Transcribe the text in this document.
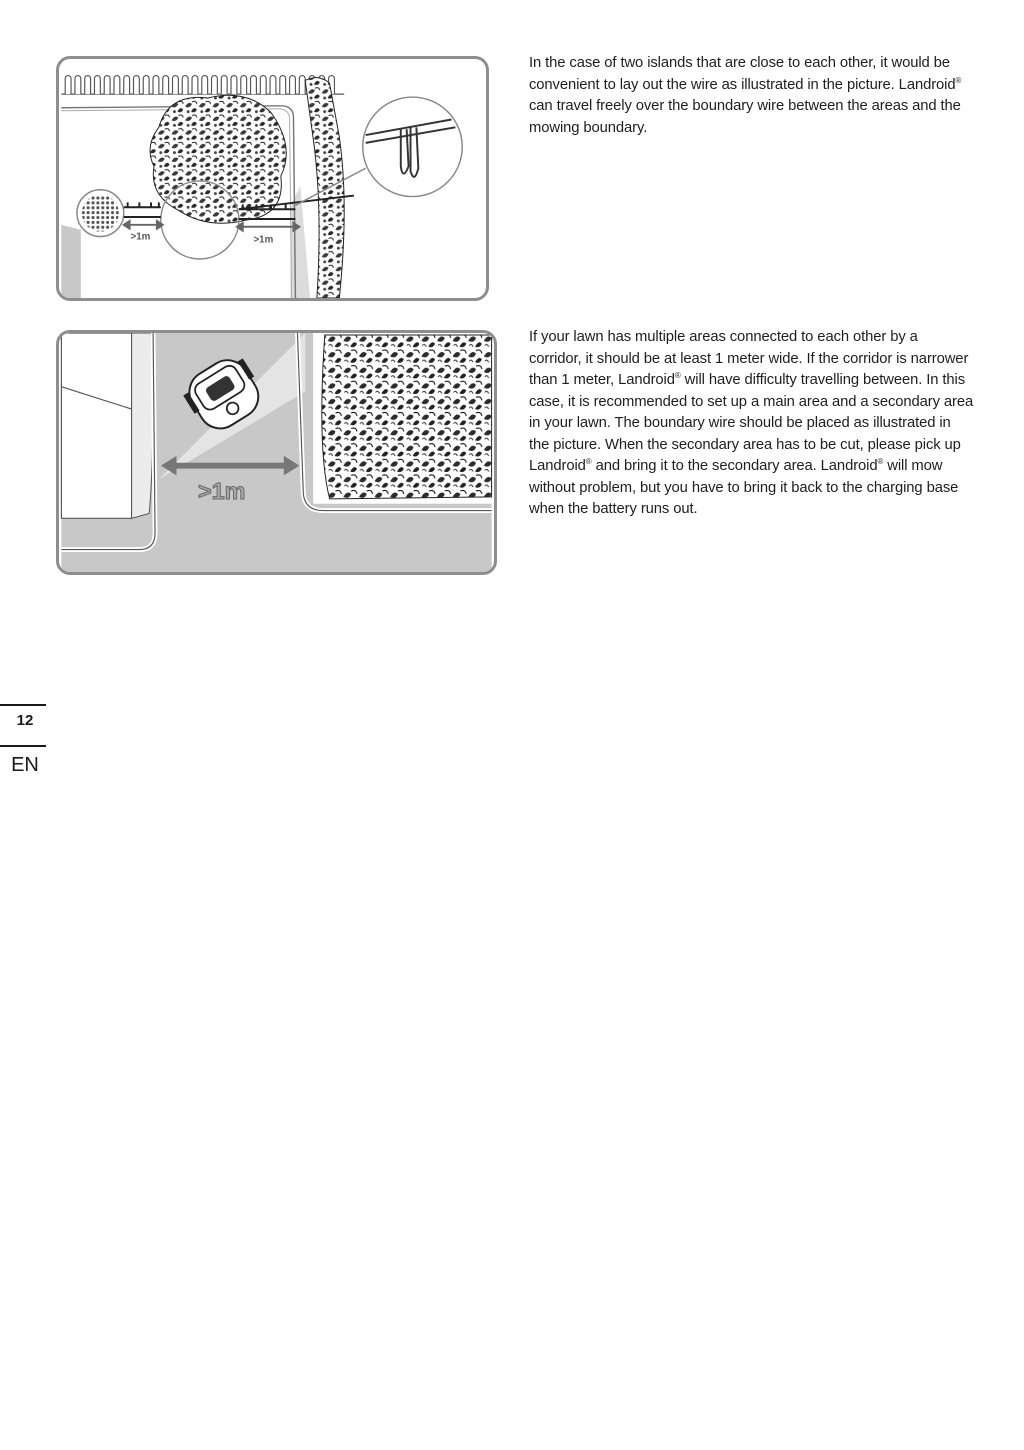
>1m	>1m

In the case of two islands that are close to each other, it would be convenient to lay out the wire as illustrated in the picture. Landroid® can travel freely over the boundary wire between the areas and the mowing boundary.

>1m

If your lawn has multiple areas connected to each other by a corridor, it should be at least 1 meter wide. If the corridor is narrower than 1 meter, Landroid® will have difficulty travelling between. In this case, it is recommended to set up a main area and a secondary area in your lawn. The boundary wire should be placed as illustrated in the picture. When the secondary area has to be cut, please pick up Landroid® and bring it to the secondary area. Landroid® will mow without problem, but you have to bring it back to the charging base when the battery runs out.

12
EN
